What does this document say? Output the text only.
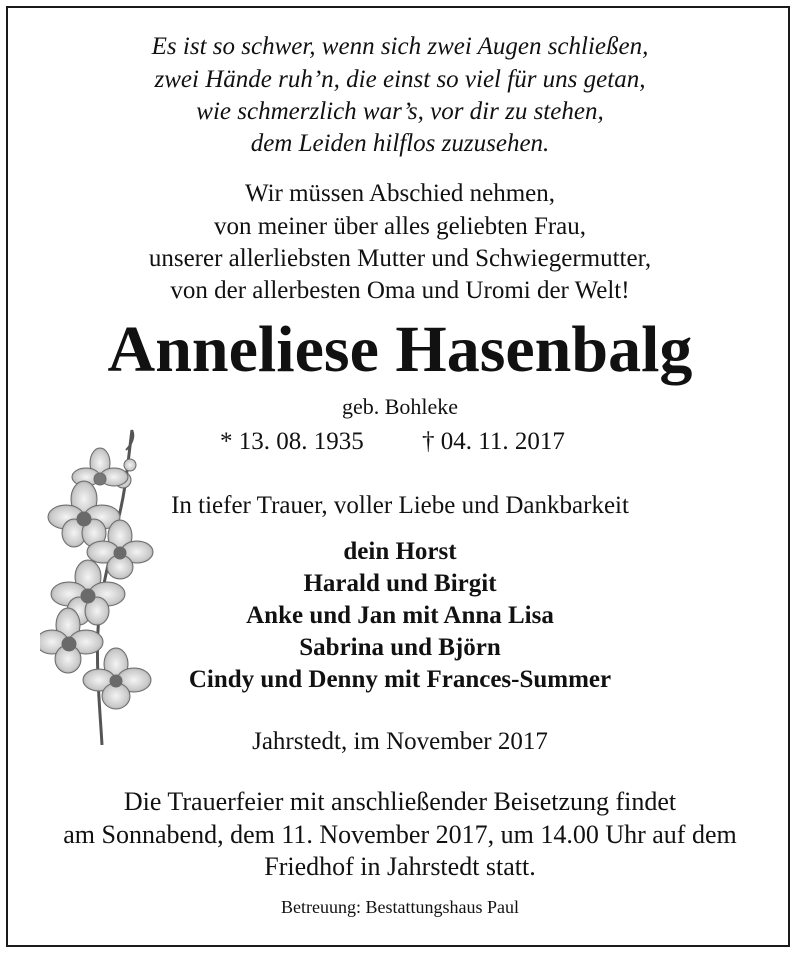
Es ist so schwer, wenn sich zwei Augen schließen,
zwei Hände ruh’n, die einst so viel für uns getan,
wie schmerzlich war’s, vor dir zu stehen,
dem Leiden hilflos zuzusehen.
Wir müssen Abschied nehmen,
von meiner über alles geliebten Frau,
unserer allerliebsten Mutter und Schwiegermutter,
von der allerbesten Oma und Uromi der Welt!
Anneliese Hasenbalg
geb. Bohleke
* 13. 08. 1935 † 04. 11. 2017
In tiefer Trauer, voller Liebe und Dankbarkeit
dein Horst
Harald und Birgit
Anke und Jan mit Anna Lisa
Sabrina und Björn
Cindy und Denny mit Frances-Summer
Jahrstedt, im November 2017
Die Trauerfeier mit anschließender Beisetzung findet
am Sonnabend, dem 11. November 2017, um 14.00 Uhr auf dem
Friedhof in Jahrstedt statt.
Betreuung: Bestattungshaus Paul
